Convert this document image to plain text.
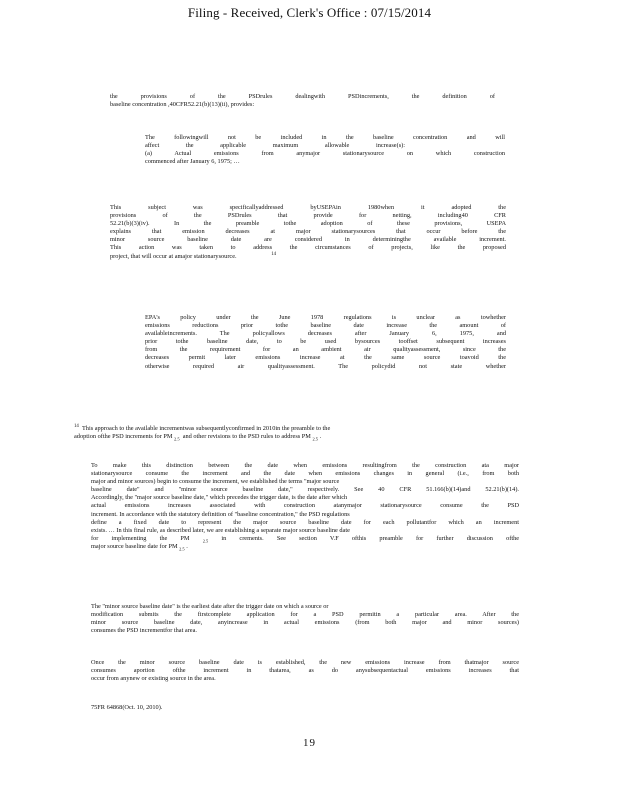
Filing - Received, Clerk's Office : 07/15/2014
the provisions of the PSDrules dealingwith PSDincrements, the definition of
baseline concentration ,40CFR52.21(b)(13)(ii), provides:
The followingwill not be included in the baseline concentration and will
affect the applicable maximum allowable increase(s):
(a) Actual emissions from anymajor stationarysource on which construction
commenced after January 6, 1975; …
This subject was specificallyaddressed byUSEPAin 1980when it adopted the
provisions of the PSDrules that provide for netting, including40 CFR
52.21(b)(3)(iv). In the preamble tothe adoption of these provisions, USEPA
explains that emission decreases at major stationarysources that occur before the
minor source baseline date are considered in determiningthe available increment.
This action was taken to address the circumstances of projects, like the proposed
project, that will occur at amajor stationarysource.	$^{14}$
EPA's policy under the June 1978 regulations is unclear as towhether
emissions reductions prior tothe baseline date increase the amount of
availableincrements. The policyallows decreases after January 6, 1975, and
prior tothe baseline date, to be used bysources tooffset subsequent increases
from the requirement for an ambient air qualityassessment, since the
decreases permit later emissions increase at the same source toavoid the
otherwise required air qualityassessment. The policydid not state whether
$^{14}$ This approach to the available incrementwas subsequentlyconfirmed in 2010in the preamble to the
adoption ofthe PSD increments for PM $_{2.5}$ and other revisions to the PSD rules to address PM $_{2.5}$ .
To make this distinction between the date when emissions resultingfrom the construction ata major
stationarysource consume the increment and the date when emissions changes in general (i.e., from both
major and minor sources) begin to consume the increment, we established the terms "major source
baseline date" and "minor source baseline date," respectively. See 40 CFR 51.166(b)(14)and 52.21(b)(14).
Accordingly, the "major source baseline date," which precedes the trigger date, is the date after which
actual emissions increases associated with construction atanymajor stationarysource consume the PSD
increment. In accordance with the statutory definition of "baseline concentration," the PSD regulations
define a fixed date to represent the major source baseline date for each pollutantfor which an increment
exists. … In this final rule, as described later, we are establishing a separate major source baseline date
for implementing the PM	$_{2.5}$ in crements. See section V.F ofthis preamble for further discussion ofthe
major source baseline date for PM $_{2.5}$ .
The "minor source baseline date" is the earliest date after the trigger date on which a source or
modification submits the firstcomplete application for a PSD permitin a particular area. After the
minor source baseline date, anyincrease in actual emissions (from both major and minor sources)
consumes the PSD incrementfor that area.
Once the minor source baseline date is established, the new emissions increase from thatmajor source
consumes aportion ofthe increment in thatarea, as do anysubsequentactual emissions increases that
occur from anynew or existing source in the area.
75FR 64868(Oct. 10, 2010).
19
